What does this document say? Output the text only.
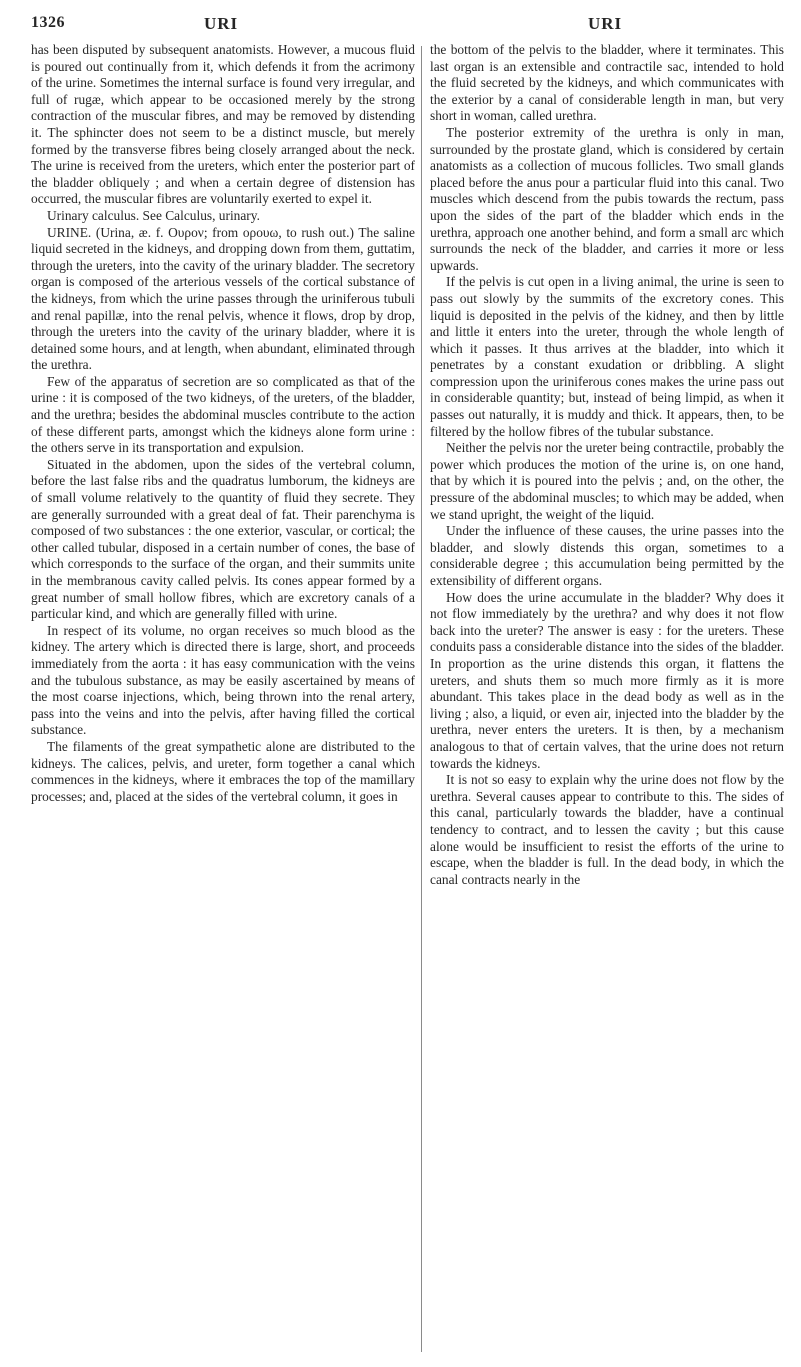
1326	URI	URI

has been disputed by subsequent anatomists. However, a mucous fluid is poured out continually from it, which defends it from the acrimony of the urine. Sometimes the internal surface is found very irregular, and full of rugæ, which appear to be occasioned merely by the strong contraction of the muscular fibres, and may be removed by distending it. The sphincter does not seem to be a distinct muscle, but merely formed by the transverse fibres being closely arranged about the neck. The urine is received from the ureters, which enter the posterior part of the bladder obliquely ; and when a certain degree of distension has occurred, the muscular fibres are voluntarily exerted to expel it.

Urinary calculus. See Calculus, urinary.

URINE. (Urina, æ. f. Ουρον; from ορουω, to rush out.) The saline liquid secreted in the kidneys, and dropping down from them, guttatim, through the ureters, into the cavity of the urinary bladder. The secretory organ is composed of the arterious vessels of the cortical substance of the kidneys, from which the urine passes through the uriniferous tubuli and renal papillæ, into the renal pelvis, whence it flows, drop by drop, through the ureters into the cavity of the urinary bladder, where it is detained some hours, and at length, when abundant, eliminated through the urethra.

Few of the apparatus of secretion are so complicated as that of the urine : it is composed of the two kidneys, of the ureters, of the bladder, and the urethra; besides the abdominal muscles contribute to the action of these different parts, amongst which the kidneys alone form urine : the others serve in its transportation and expulsion.

Situated in the abdomen, upon the sides of the vertebral column, before the last false ribs and the quadratus lumborum, the kidneys are of small volume relatively to the quantity of fluid they secrete. They are generally surrounded with a great deal of fat. Their parenchyma is composed of two substances : the one exterior, vascular, or cortical; the other called tubular, disposed in a certain number of cones, the base of which corresponds to the surface of the organ, and their summits unite in the membranous cavity called pelvis. Its cones appear formed by a great number of small hollow fibres, which are excretory canals of a particular kind, and which are generally filled with urine.

In respect of its volume, no organ receives so much blood as the kidney. The artery which is directed there is large, short, and proceeds immediately from the aorta : it has easy communication with the veins and the tubulous substance, as may be easily ascertained by means of the most coarse injections, which, being thrown into the renal artery, pass into the veins and into the pelvis, after having filled the cortical substance.

The filaments of the great sympathetic alone are distributed to the kidneys. The calices, pelvis, and ureter, form together a canal which commences in the kidneys, where it embraces the top of the mamillary processes; and, placed at the sides of the vertebral column, it goes in

the bottom of the pelvis to the bladder, where it terminates. This last organ is an extensible and contractile sac, intended to hold the fluid secreted by the kidneys, and which communicates with the exterior by a canal of considerable length in man, but very short in woman, called urethra.

The posterior extremity of the urethra is only in man, surrounded by the prostate gland, which is considered by certain anatomists as a collection of mucous follicles. Two small glands placed before the anus pour a particular fluid into this canal. Two muscles which descend from the pubis towards the rectum, pass upon the sides of the part of the bladder which ends in the urethra, approach one another behind, and form a small arc which surrounds the neck of the bladder, and carries it more or less upwards.

If the pelvis is cut open in a living animal, the urine is seen to pass out slowly by the summits of the excretory cones. This liquid is deposited in the pelvis of the kidney, and then by little and little it enters into the ureter, through the whole length of which it passes. It thus arrives at the bladder, into which it penetrates by a constant exudation or dribbling. A slight compression upon the uriniferous cones makes the urine pass out in considerable quantity; but, instead of being limpid, as when it passes out naturally, it is muddy and thick. It appears, then, to be filtered by the hollow fibres of the tubular substance.

Neither the pelvis nor the ureter being contractile, probably the power which produces the motion of the urine is, on one hand, that by which it is poured into the pelvis ; and, on the other, the pressure of the abdominal muscles; to which may be added, when we stand upright, the weight of the liquid.

Under the influence of these causes, the urine passes into the bladder, and slowly distends this organ, sometimes to a considerable degree ; this accumulation being permitted by the extensibility of different organs.

How does the urine accumulate in the bladder? Why does it not flow immediately by the urethra? and why does it not flow back into the ureter? The answer is easy : for the ureters. These conduits pass a considerable distance into the sides of the bladder. In proportion as the urine distends this organ, it flattens the ureters, and shuts them so much more firmly as it is more abundant. This takes place in the dead body as well as in the living ; also, a liquid, or even air, injected into the bladder by the urethra, never enters the ureters. It is then, by a mechanism analogous to that of certain valves, that the urine does not return towards the kidneys.

It is not so easy to explain why the urine does not flow by the urethra. Several causes appear to contribute to this. The sides of this canal, particularly towards the bladder, have a continual tendency to contract, and to lessen the cavity ; but this cause alone would be insufficient to resist the efforts of the urine to escape, when the bladder is full. In the dead body, in which the canal contracts nearly in the
